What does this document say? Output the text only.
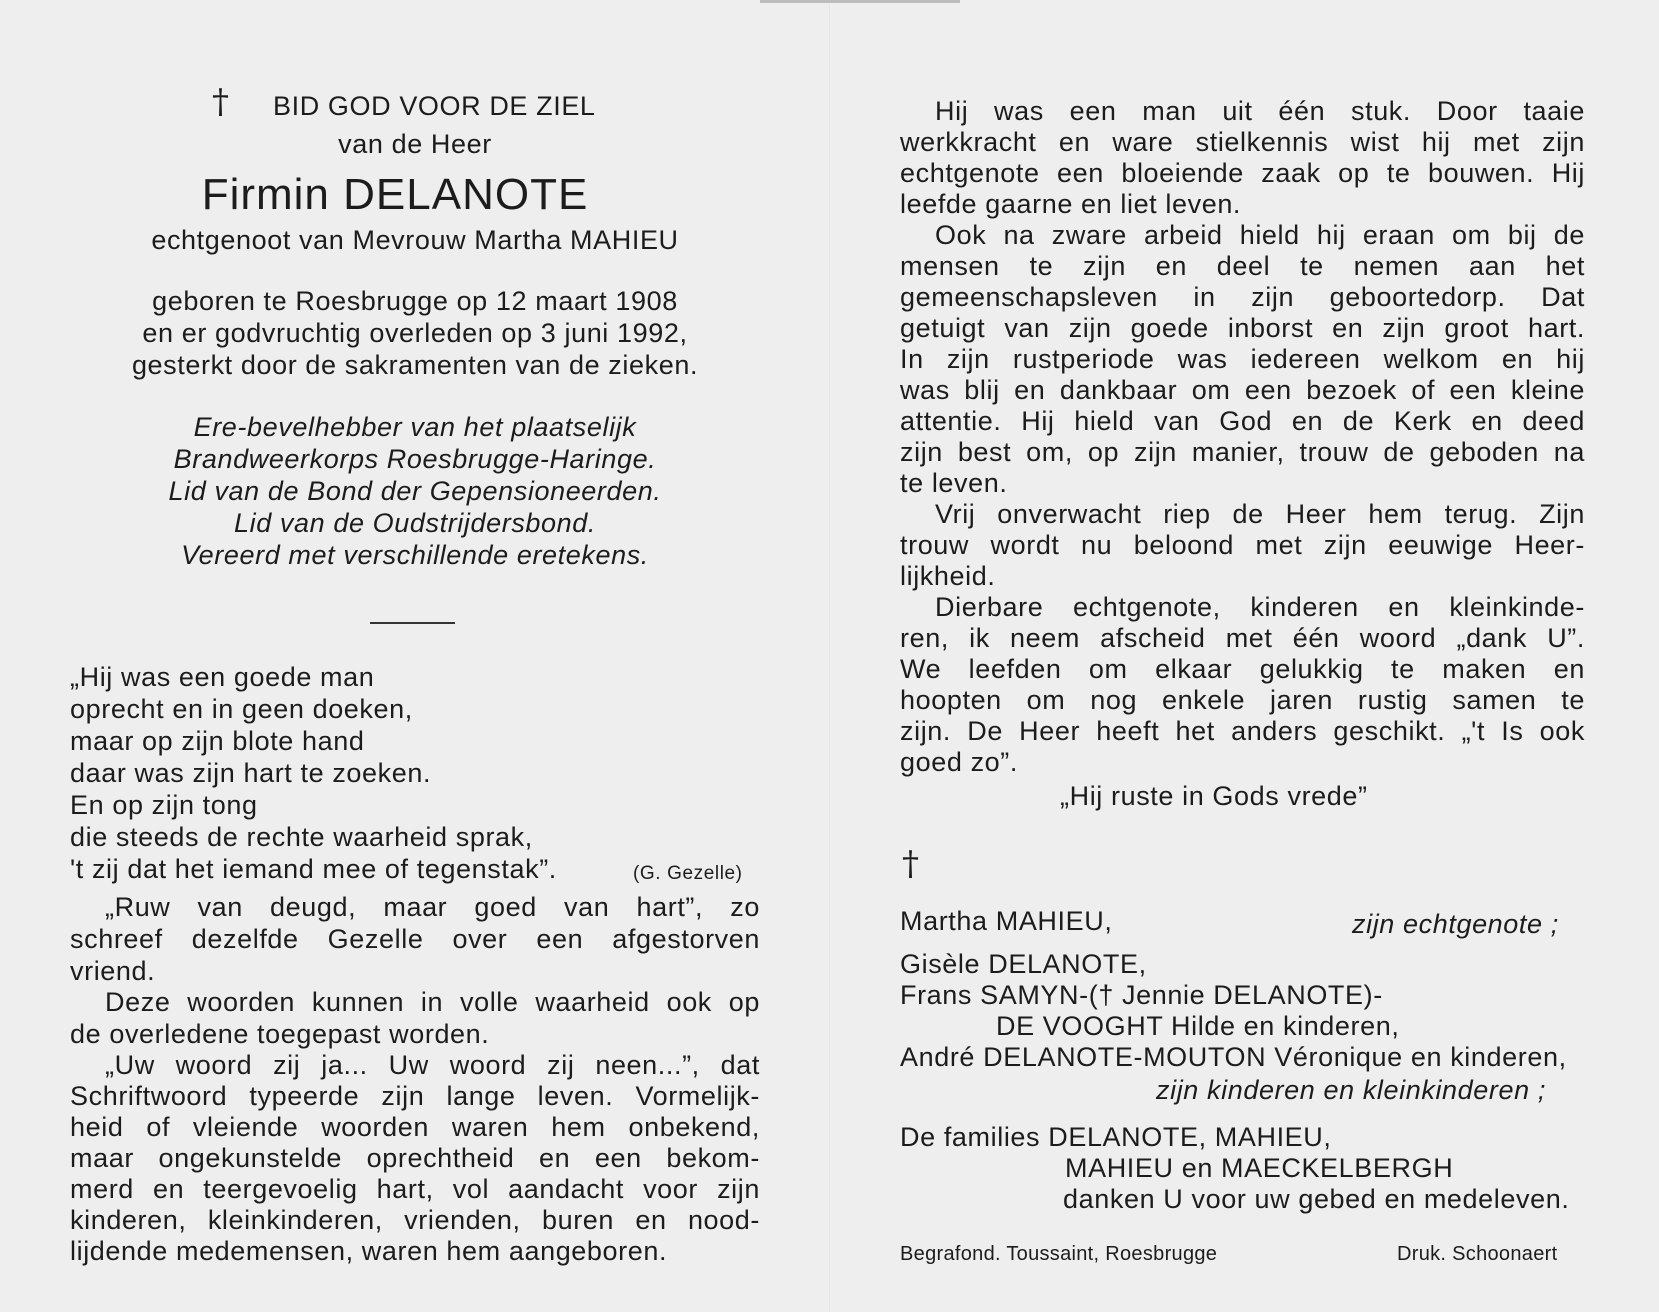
† BID GOD VOOR DE ZIEL
van de Heer
Firmin DELANOTE
echtgenoot van Mevrouw Martha MAHIEU
geboren te Roesbrugge op 12 maart 1908
en er godvruchtig overleden op 3 juni 1992,
gesterkt door de sakramenten van de zieken.
Ere-bevelhebber van het plaatselijk
Brandweerkorps Roesbrugge-Haringe.
Lid van de Bond der Gepensioneerden.
Lid van de Oudstrijdersbond.
Vereerd met verschillende eretekens.
„Hij was een goede man
oprecht en in geen doeken,
maar op zijn blote hand
daar was zijn hart te zoeken.
En op zijn tong
die steeds de rechte waarheid sprak,
't zij dat het iemand mee of tegenstak”.	(G. Gezelle)
„Ruw van deugd, maar goed van hart”, zo
schreef dezelfde Gezelle over een afgestorven
vriend.
Deze woorden kunnen in volle waarheid ook op
de overledene toegepast worden.
„Uw woord zij ja... Uw woord zij neen...”, dat
Schriftwoord typeerde zijn lange leven. Vormelijk-
heid of vleiende woorden waren hem onbekend,
maar ongekunstelde oprechtheid en een bekom-
merd en teergevoelig hart, vol aandacht voor zijn
kinderen, kleinkinderen, vrienden, buren en nood-
lijdende medemensen, waren hem aangeboren.
Hij was een man uit één stuk. Door taaie
werkkracht en ware stielkennis wist hij met zijn
echtgenote een bloeiende zaak op te bouwen. Hij
leefde gaarne en liet leven.
Ook na zware arbeid hield hij eraan om bij de
mensen te zijn en deel te nemen aan het
gemeenschapsleven in zijn geboortedorp. Dat
getuigt van zijn goede inborst en zijn groot hart.
In zijn rustperiode was iedereen welkom en hij
was blij en dankbaar om een bezoek of een kleine
attentie. Hij hield van God en de Kerk en deed
zijn best om, op zijn manier, trouw de geboden na
te leven.
Vrij onverwacht riep de Heer hem terug. Zijn
trouw wordt nu beloond met zijn eeuwige Heer-
lijkheid.
Dierbare echtgenote, kinderen en kleinkinde-
ren, ik neem afscheid met één woord „dank U”.
We leefden om elkaar gelukkig te maken en
hoopten om nog enkele jaren rustig samen te
zijn. De Heer heeft het anders geschikt. „'t Is ook
goed zo”.
„Hij ruste in Gods vrede”
†
Martha MAHIEU,	zijn echtgenote ;
Gisèle DELANOTE,
Frans SAMYN-(† Jennie DELANOTE)-
DE VOOGHT Hilde en kinderen,
André DELANOTE-MOUTON Véronique en kinderen,
zijn kinderen en kleinkinderen ;
De families DELANOTE, MAHIEU,
MAHIEU en MAECKELBERGH
danken U voor uw gebed en medeleven.
Begrafond. Toussaint, Roesbrugge	Druk. Schoonaert
